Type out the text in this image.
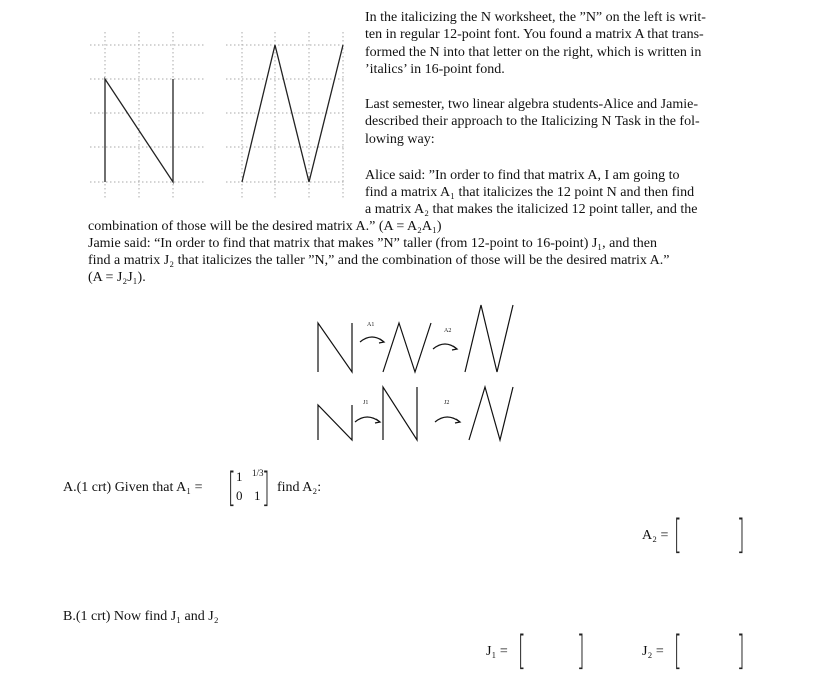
A1
A2
J1	J2
In the italicizing the N worksheet, the ”N” on the left is writ-
ten in regular 12-point font. You found a matrix A that trans-
formed the N into that letter on the right, which is written in
’italics’ in 16-point fond.
Last semester, two linear algebra students-Alice and Jamie-
described their approach to the Italicizing N Task in the fol-
lowing way:
Alice said: ”In order to find that matrix A, I am going to
find a matrix A₁ that italicizes the 12 point N and then find
a matrix A₂ that makes the italicized 12 point taller, and the
combination of those will be the desired matrix A.” (A = A₂A₁)
Jamie said: “In order to find that matrix that makes ”N” taller (from 12-point to 16-point) J₁, and then
find a matrix J₂ that italicizes the taller ”N,” and the combination of those will be the desired matrix A.”
(A = J₂J₁).
A.(1 crt) Given that A₁ = [ 1 1/3
0 1 ] find A₂:
A₂ = [ ]
B.(1 crt) Now find J₁ and J₂
J₁ = [ ]	J₂ = [ ]
